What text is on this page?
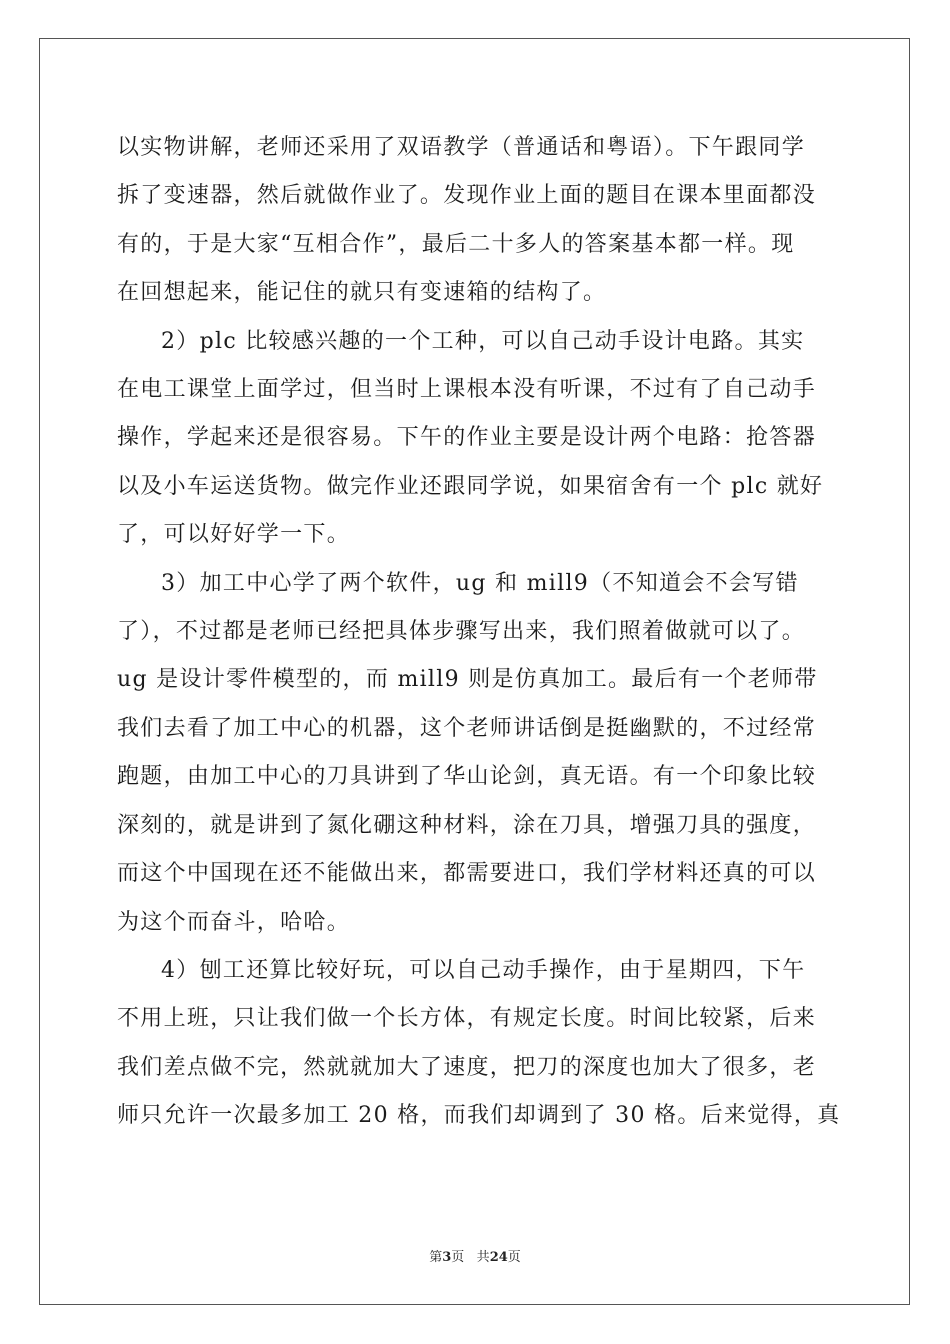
以实物讲解，老师还采用了双语教学（普通话和粤语）。下午跟同学
拆了变速器，然后就做作业了。发现作业上面的题目在课本里面都没
有的，于是大家“互相合作”，最后二十多人的答案基本都一样。现
在回想起来，能记住的就只有变速箱的结构了。

2）plc 比较感兴趣的一个工种，可以自己动手设计电路。其实
在电工课堂上面学过，但当时上课根本没有听课，不过有了自己动手
操作，学起来还是很容易。下午的作业主要是设计两个电路：抢答器
以及小车运送货物。做完作业还跟同学说，如果宿舍有一个 plc 就好
了，可以好好学一下。

3）加工中心学了两个软件，ug 和 mill9（不知道会不会写错
了），不过都是老师已经把具体步骤写出来，我们照着做就可以了。
ug 是设计零件模型的，而 mill9 则是仿真加工。最后有一个老师带
我们去看了加工中心的机器，这个老师讲话倒是挺幽默的，不过经常
跑题，由加工中心的刀具讲到了华山论剑，真无语。有一个印象比较
深刻的，就是讲到了氮化硼这种材料，涂在刀具，增强刀具的强度，
而这个中国现在还不能做出来，都需要进口，我们学材料还真的可以
为这个而奋斗，哈哈。

4）刨工还算比较好玩，可以自己动手操作，由于星期四，下午
不用上班，只让我们做一个长方体，有规定长度。时间比较紧，后来
我们差点做不完，然就就加大了速度，把刀的深度也加大了很多，老
师只允许一次最多加工 20 格，而我们却调到了 30 格。后来觉得，真

第3页 共24页
